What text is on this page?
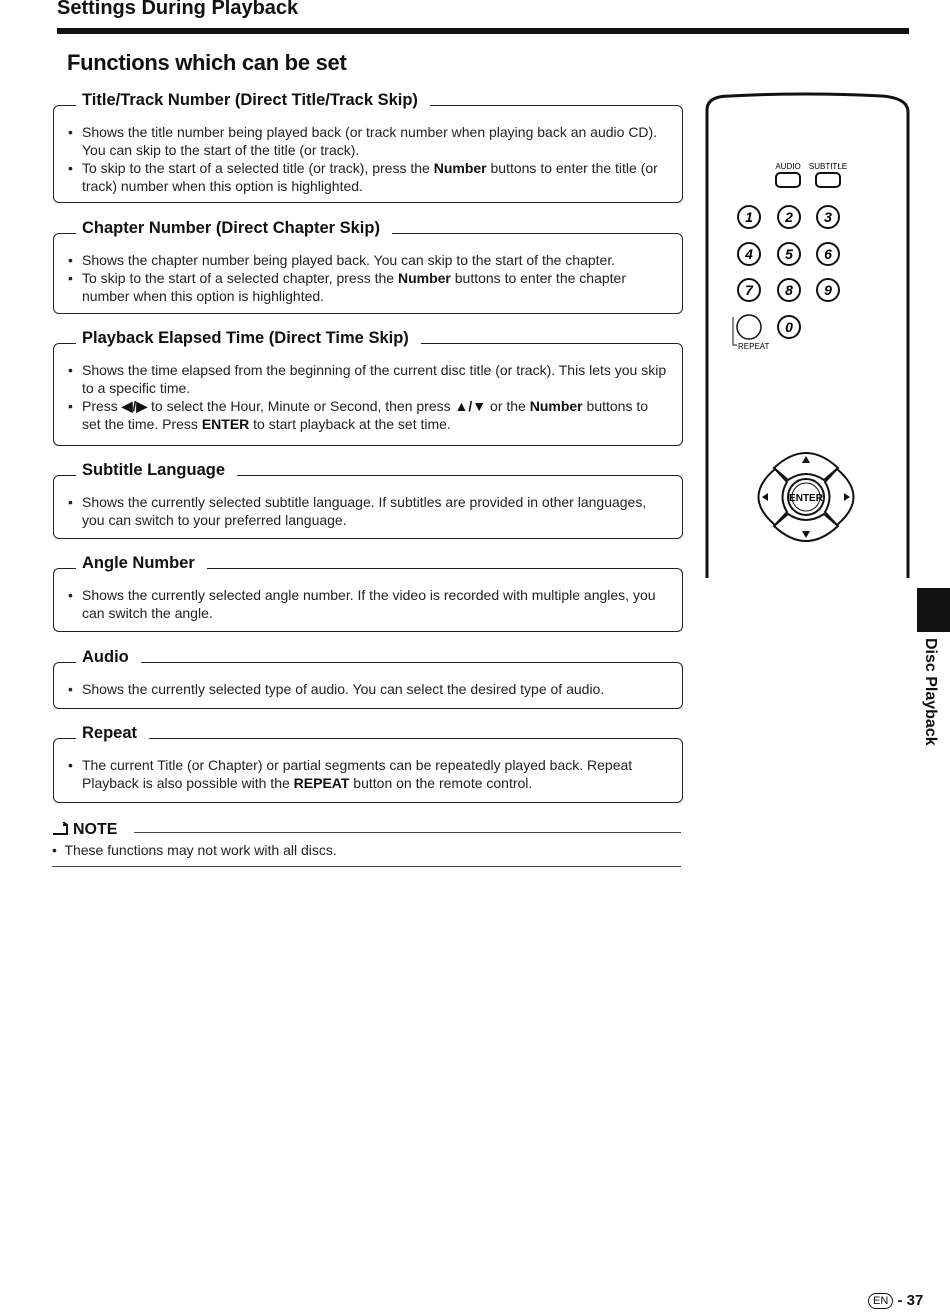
Settings During Playback
Functions which can be set
Title/Track Number (Direct Title/Track Skip)
• Shows the title number being played back (or track number when playing back an audio CD). You can skip to the start of the title (or track).
• To skip to the start of a selected title (or track), press the Number buttons to enter the title (or track) number when this option is highlighted.
Chapter Number (Direct Chapter Skip)
• Shows the chapter number being played back. You can skip to the start of the chapter.
• To skip to the start of a selected chapter, press the Number buttons to enter the chapter number when this option is highlighted.
Playback Elapsed Time (Direct Time Skip)
• Shows the time elapsed from the beginning of the current disc title (or track). This lets you skip to a specific time.
• Press ◀/▶ to select the Hour, Minute or Second, then press ▲/▼ or the Number buttons to set the time. Press ENTER to start playback at the set time.
Subtitle Language
• Shows the currently selected subtitle language. If subtitles are provided in other languages, you can switch to your preferred language.
Angle Number
• Shows the currently selected angle number. If the video is recorded with multiple angles, you can switch the angle.
Audio
• Shows the currently selected type of audio. You can select the desired type of audio.
Repeat
• The current Title (or Chapter) or partial segments can be repeatedly played back. Repeat Playback is also possible with the REPEAT button on the remote control.
NOTE
•  These functions may not work with all discs.
AUDIO SUBTITLE
1 2 3
4 5 6
7 8 9
0
REPEAT
ENTER
Disc Playback
EN - 37
